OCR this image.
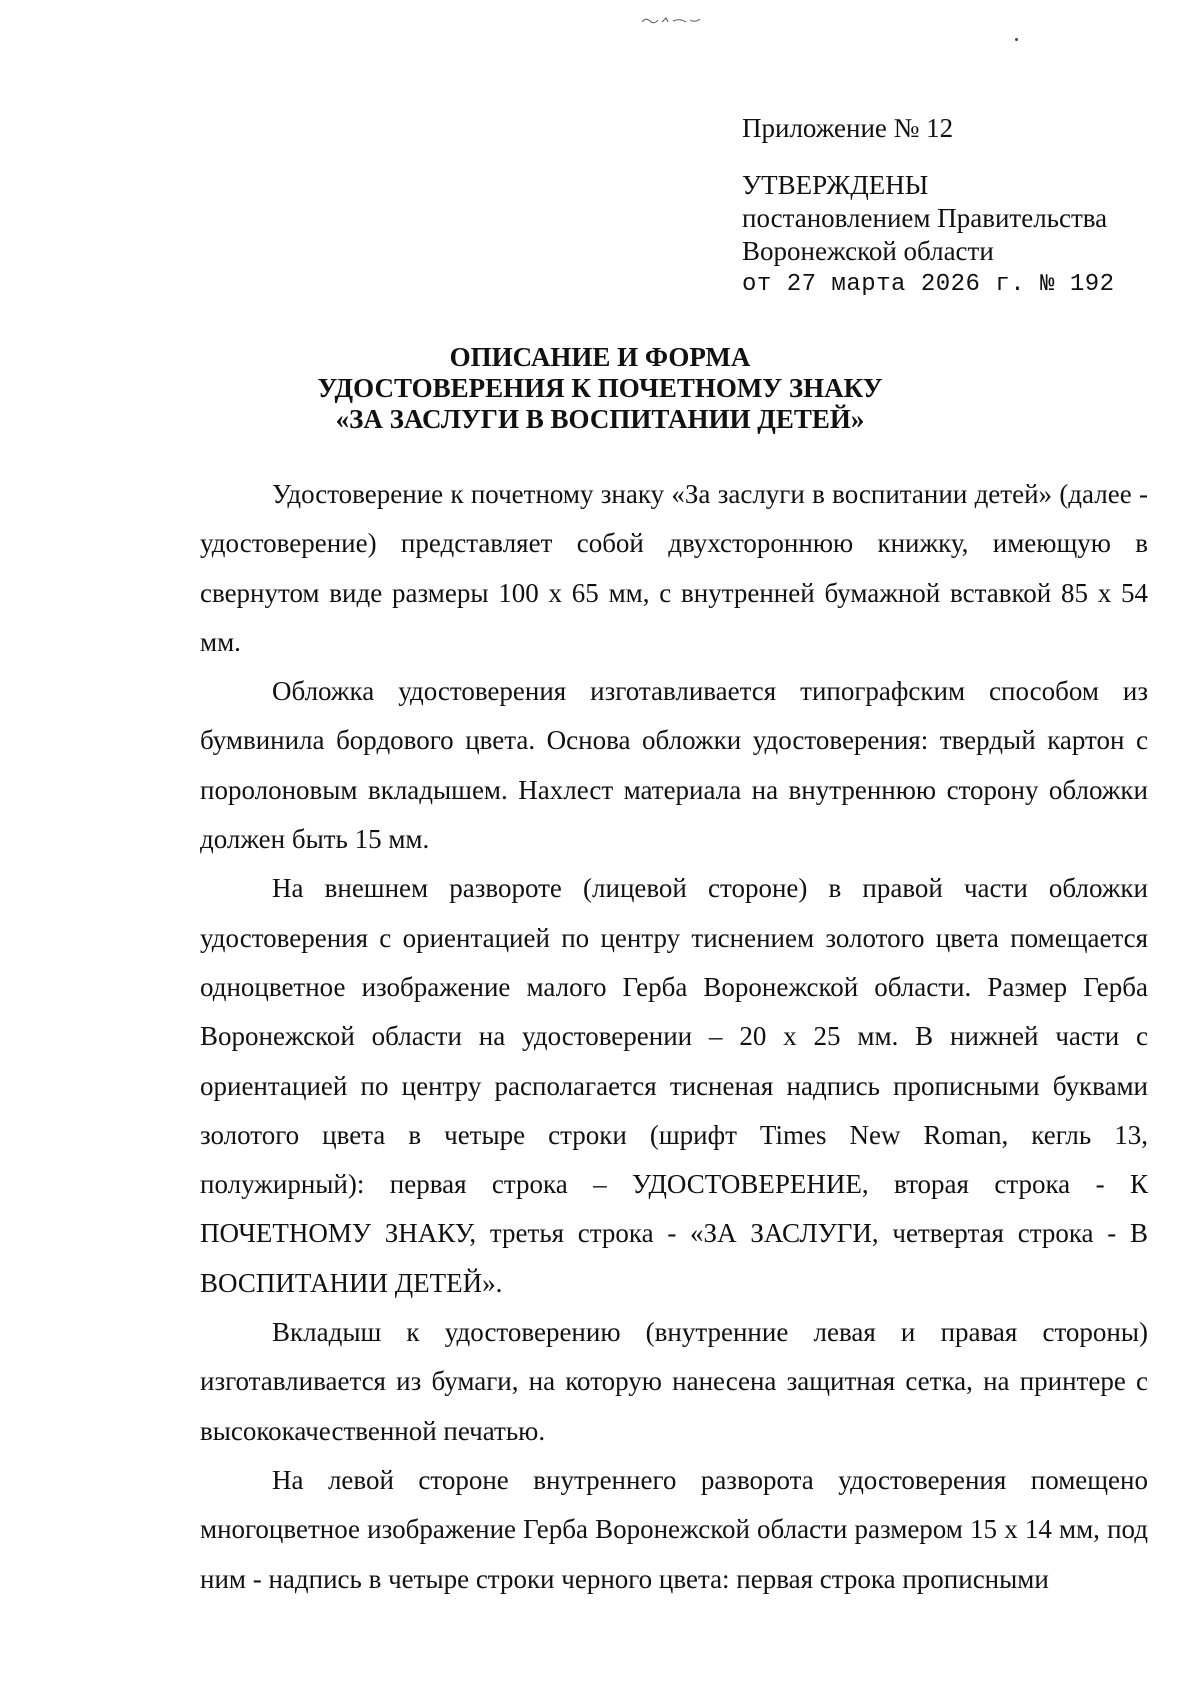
Приложение № 12
УТВЕРЖДЕНЫ
постановлением Правительства
Воронежской области
от 27 марта 2026 г. № 192
ОПИСАНИЕ И ФОРМА
УДОСТОВЕРЕНИЯ К ПОЧЕТНОМУ ЗНАКУ
«ЗА ЗАСЛУГИ В ВОСПИТАНИИ ДЕТЕЙ»

Удостоверение к почетному знаку «За заслуги в воспитании детей» (далее - удостоверение) представляет собой двухстороннюю книжку, имеющую в свернутом виде размеры 100 х 65 мм, с внутренней бумажной вставкой 85 х 54 мм.

Обложка удостоверения изготавливается типографским способом из бумвинила бордового цвета. Основа обложки удостоверения: твердый картон с поролоновым вкладышем. Нахлест материала на внутреннюю сторону обложки должен быть 15 мм.

На внешнем развороте (лицевой стороне) в правой части обложки удостоверения с ориентацией по центру тиснением золотого цвета помещается одноцветное изображение малого Герба Воронежской области. Размер Герба Воронежской области на удостоверении – 20 х 25 мм. В нижней части с ориентацией по центру располагается тисненая надпись прописными буквами золотого цвета в четыре строки (шрифт Times New Roman, кегль 13, полужирный): первая строка – УДОСТОВЕРЕНИЕ, вторая строка - К ПОЧЕТНОМУ ЗНАКУ, третья строка - «ЗА ЗАСЛУГИ, четвертая строка - В ВОСПИТАНИИ ДЕТЕЙ».

Вкладыш к удостоверению (внутренние левая и правая стороны) изготавливается из бумаги, на которую нанесена защитная сетка, на принтере с высококачественной печатью.

На левой стороне внутреннего разворота удостоверения помещено многоцветное изображение Герба Воронежской области размером 15 х 14 мм, под ним - надпись в четыре строки черного цвета: первая строка прописными
